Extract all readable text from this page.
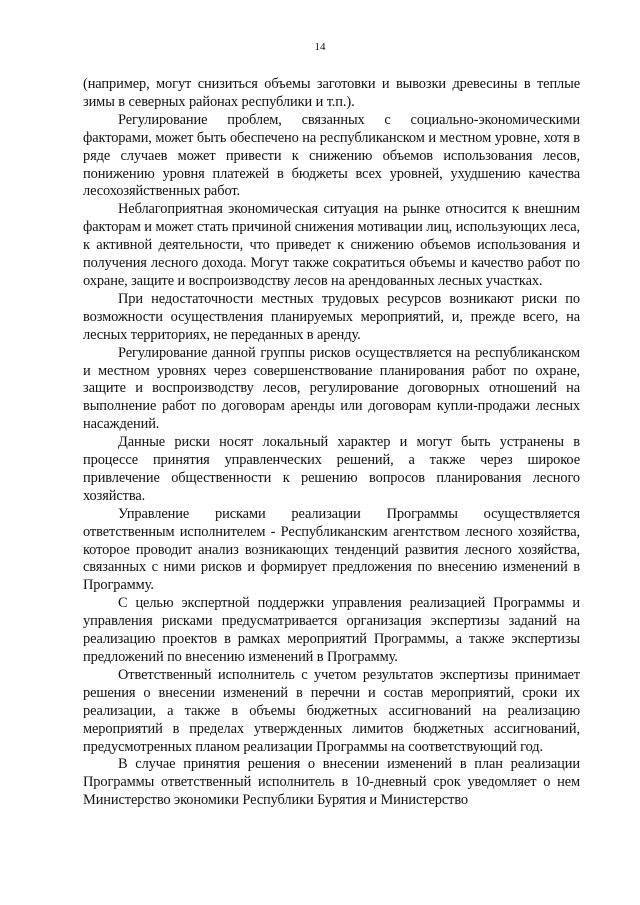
14

(например, могут снизиться объемы заготовки и вывозки древесины в теплые зимы в северных районах республики и т.п.).

Регулирование проблем, связанных с социально-экономическими факторами, может быть обеспечено на республиканском и местном уровне, хотя в ряде случаев может привести к снижению объемов использования лесов, понижению уровня платежей в бюджеты всех уровней, ухудшению качества лесохозяйственных работ.

Неблагоприятная экономическая ситуация на рынке относится к внешним факторам и может стать причиной снижения мотивации лиц, использующих леса, к активной деятельности, что приведет к снижению объемов использования и получения лесного дохода. Могут также сократиться объемы и качество работ по охране, защите и воспроизводству лесов на арендованных лесных участках.

При недостаточности местных трудовых ресурсов возникают риски по возможности осуществления планируемых мероприятий, и, прежде всего, на лесных территориях, не переданных в аренду.

Регулирование данной группы рисков осуществляется на республиканском и местном уровнях через совершенствование планирования работ по охране, защите и воспроизводству лесов, регулирование договорных отношений на выполнение работ по договорам аренды или договорам купли-продажи лесных насаждений.

Данные риски носят локальный характер и могут быть устранены в процессе принятия управленческих решений, а также через широкое привлечение общественности к решению вопросов планирования лесного хозяйства.

Управление рисками реализации Программы осуществляется ответственным исполнителем - Республиканским агентством лесного хозяйства, которое проводит анализ возникающих тенденций развития лесного хозяйства, связанных с ними рисков и формирует предложения по внесению изменений в Программу.

С целью экспертной поддержки управления реализацией Программы и управления рисками предусматривается организация экспертизы заданий на реализацию проектов в рамках мероприятий Программы, а также экспертизы предложений по внесению изменений в Программу.

Ответственный исполнитель с учетом результатов экспертизы принимает решения о внесении изменений в перечни и состав мероприятий, сроки их реализации, а также в объемы бюджетных ассигнований на реализацию мероприятий в пределах утвержденных лимитов бюджетных ассигнований, предусмотренных планом реализации Программы на соответствующий год.

В случае принятия решения о внесении изменений в план реализации Программы ответственный исполнитель в 10-дневный срок уведомляет о нем Министерство экономики Республики Бурятия и Министерство
